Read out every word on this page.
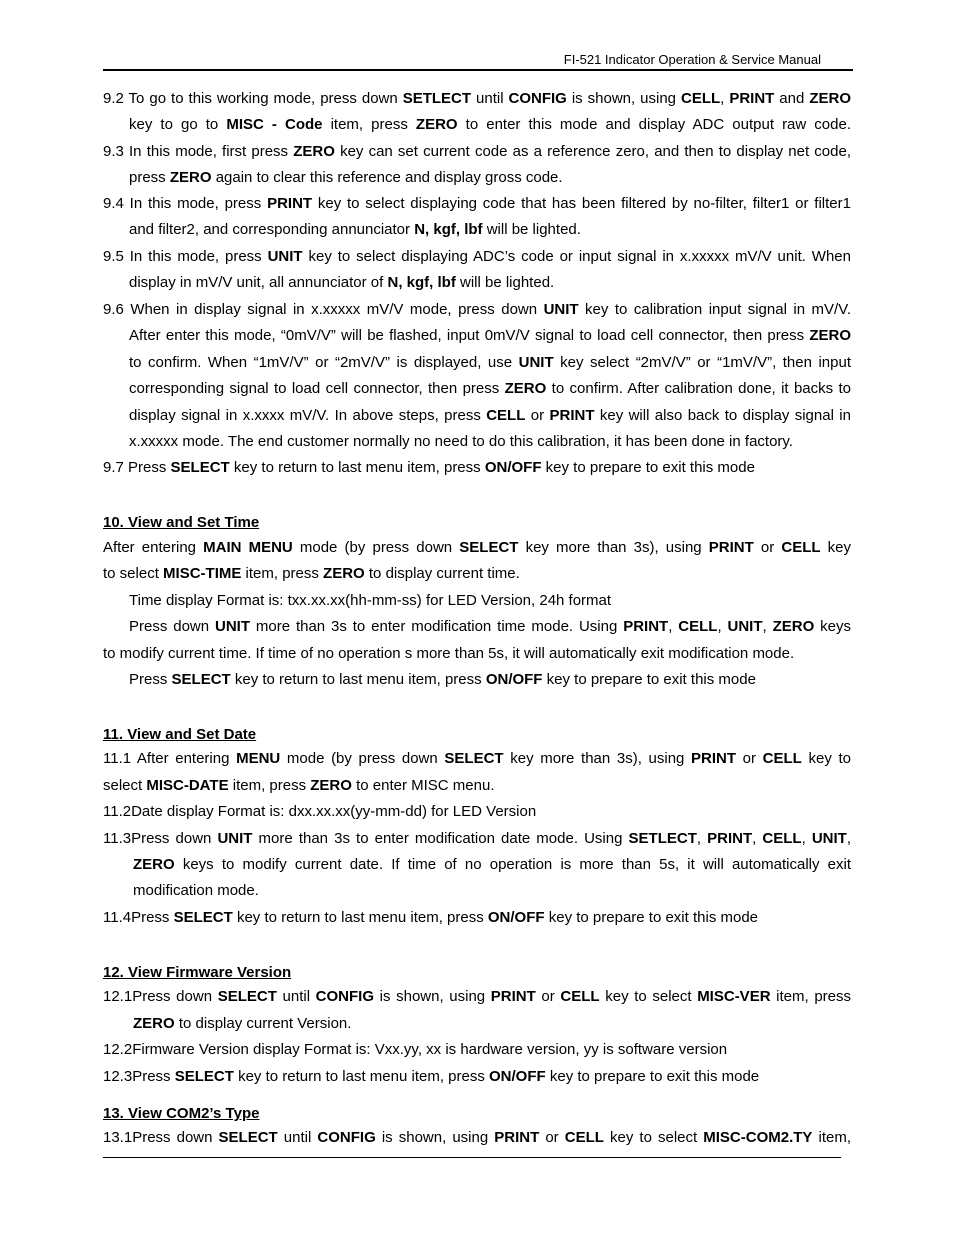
FI-521 Indicator Operation & Service Manual
9.2 To go to this working mode, press down SETLECT until CONFIG is shown, using CELL, PRINT and ZERO
key to go to MISC - Code item, press ZERO to enter this mode and display ADC output raw code.
9.3 In this mode, first press ZERO key can set current code as a reference zero, and then to display net code,
press ZERO again to clear this reference and display gross code.
9.4 In this mode, press PRINT key to select displaying code that has been filtered by no-filter, filter1 or filter1
and filter2, and corresponding annunciator N, kgf, lbf will be lighted.
9.5 In this mode, press UNIT key to select displaying ADC’s code or input signal in x.xxxxx mV/V unit. When
display in mV/V unit, all annunciator of N, kgf, lbf will be lighted.
9.6 When in display signal in x.xxxxx mV/V mode, press down UNIT key to calibration input signal in mV/V.
After enter this mode, “0mV/V” will be flashed, input 0mV/V signal to load cell connector, then press ZERO
to confirm. When “1mV/V” or “2mV/V” is displayed, use UNIT key select “2mV/V” or “1mV/V”, then input
corresponding signal to load cell connector, then press ZERO to confirm. After calibration done, it backs to
display signal in x.xxxx mV/V. In above steps, press CELL or PRINT key will also back to display signal in
x.xxxxx mode. The end customer normally no need to do this calibration, it has been done in factory.
9.7 Press SELECT key to return to last menu item, press ON/OFF key to prepare to exit this mode
10. View and Set Time
After entering MAIN MENU mode (by press down SELECT key more than 3s), using PRINT or CELL key
to select MISC-TIME item, press ZERO to display current time.
Time display Format is: txx.xx.xx(hh-mm-ss) for LED Version, 24h format
Press down UNIT more than 3s to enter modification time mode. Using PRINT, CELL, UNIT, ZERO keys
to modify current time. If time of no operation s more than 5s, it will automatically exit modification mode.
Press SELECT key to return to last menu item, press ON/OFF key to prepare to exit this mode
11. View and Set Date
11.1 After entering MENU mode (by press down SELECT key more than 3s), using PRINT or CELL key to
select MISC-DATE item, press ZERO to enter MISC menu.
11.2Date display Format is: dxx.xx.xx(yy-mm-dd) for LED Version
11.3Press down UNIT more than 3s to enter modification date mode. Using SETLECT, PRINT, CELL, UNIT,
ZERO keys to modify current date. If time of no operation is more than 5s, it will automatically exit
modification mode.
11.4Press SELECT key to return to last menu item, press ON/OFF key to prepare to exit this mode
12. View Firmware Version
12.1Press down SELECT until CONFIG is shown, using PRINT or CELL key to select MISC-VER item, press
ZERO to display current Version.
12.2Firmware Version display Format is: Vxx.yy, xx is hardware version, yy is software version
12.3Press SELECT key to return to last menu item, press ON/OFF key to prepare to exit this mode
13. View COM2’s Type
13.1Press down SELECT until CONFIG is shown, using PRINT or CELL key to select MISC-COM2.TY item,
